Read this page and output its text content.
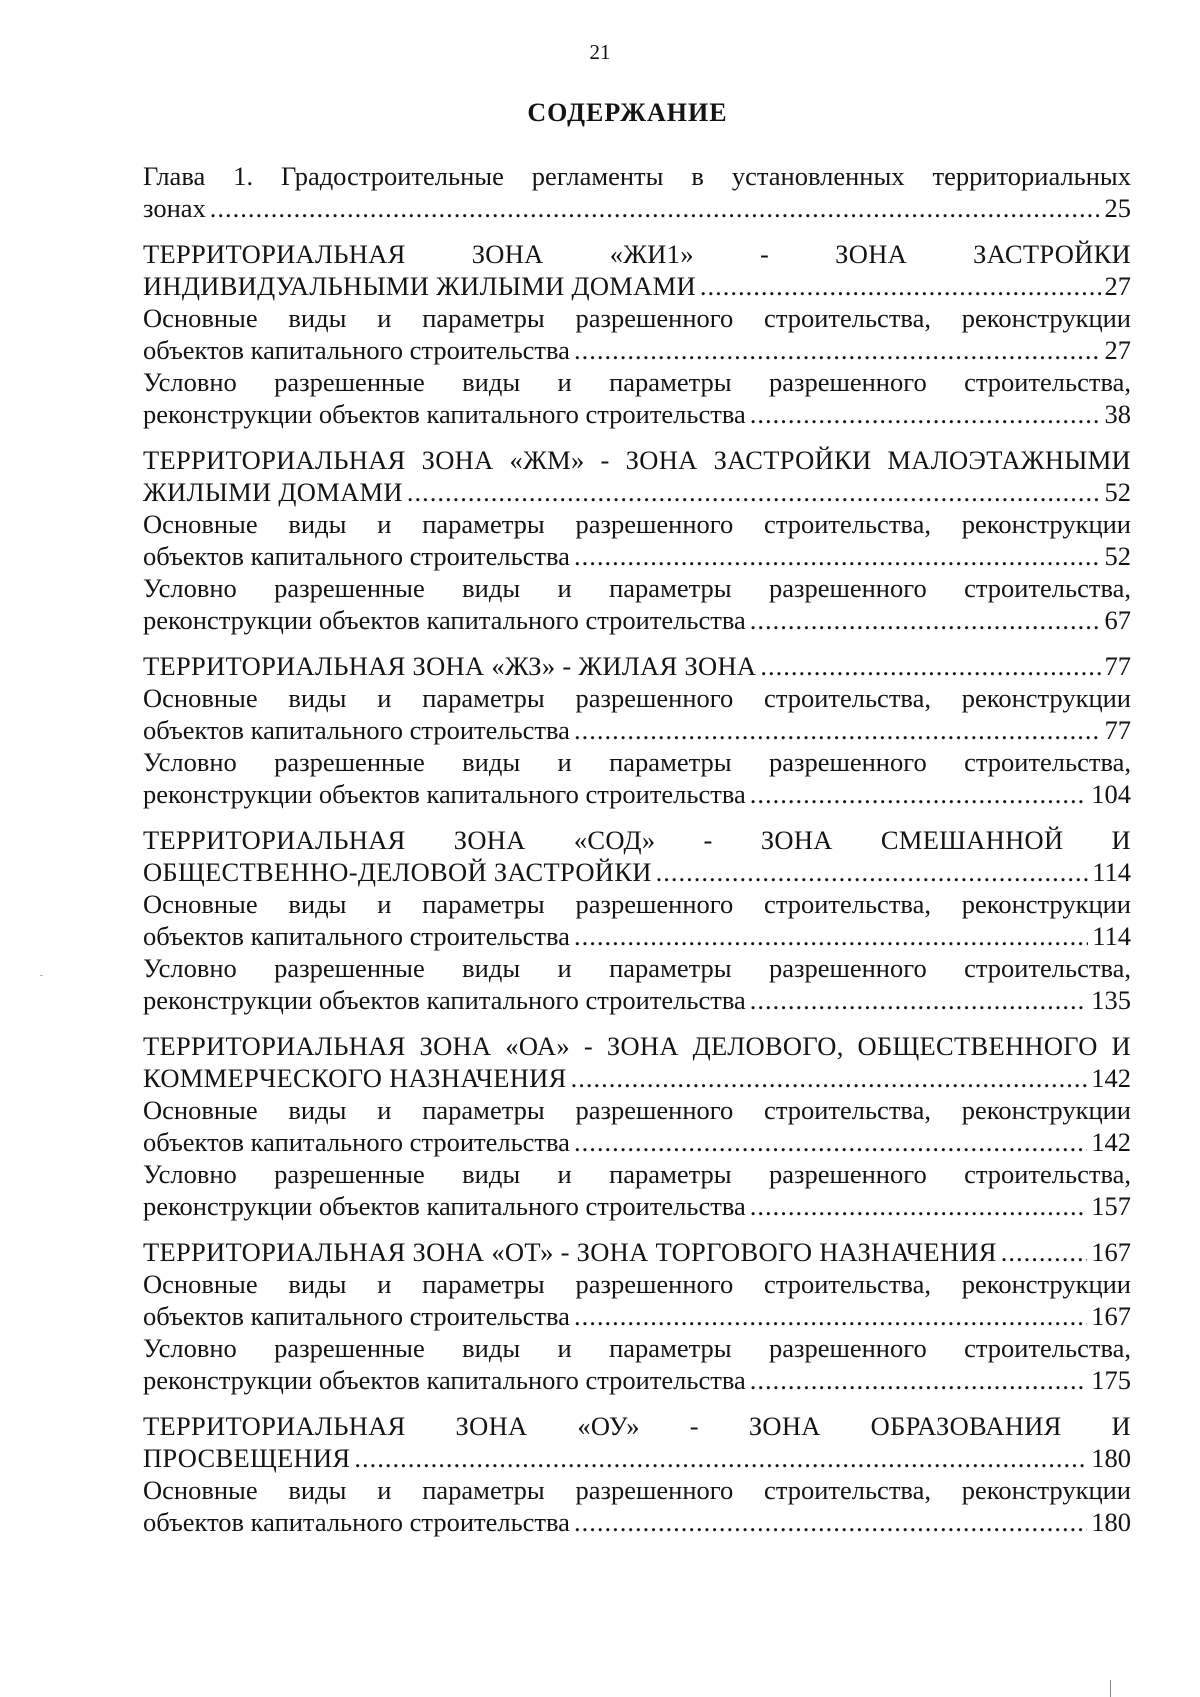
21
СОДЕРЖАНИЕ
Глава 1. Градостроительные регламенты в установленных территориальных
зонах .....	25
ТЕРРИТОРИАЛЬНАЯ ЗОНА «ЖИ1» - ЗОНА ЗАСТРОЙКИ
ИНДИВИДУАЛЬНЫМИ ЖИЛЫМИ ДОМАМИ .....	27
Основные виды и параметры разрешенного строительства, реконструкции
объектов капитального строительства .....	27
Условно разрешенные виды и параметры разрешенного строительства,
реконструкции объектов капитального строительства .....	38
ТЕРРИТОРИАЛЬНАЯ ЗОНА «ЖМ» - ЗОНА ЗАСТРОЙКИ МАЛОЭТАЖНЫМИ
ЖИЛЫМИ ДОМАМИ .....	52
Основные виды и параметры разрешенного строительства, реконструкции
объектов капитального строительства .....	52
Условно разрешенные виды и параметры разрешенного строительства,
реконструкции объектов капитального строительства .....	67
ТЕРРИТОРИАЛЬНАЯ ЗОНА «ЖЗ» - ЖИЛАЯ ЗОНА .....	77
Основные виды и параметры разрешенного строительства, реконструкции
объектов капитального строительства .....	77
Условно разрешенные виды и параметры разрешенного строительства,
реконструкции объектов капитального строительства .....	104
ТЕРРИТОРИАЛЬНАЯ ЗОНА «СОД» - ЗОНА СМЕШАННОЙ И
ОБЩЕСТВЕННО-ДЕЛОВОЙ ЗАСТРОЙКИ .....	114
Основные виды и параметры разрешенного строительства, реконструкции
объектов капитального строительства .....	114
Условно разрешенные виды и параметры разрешенного строительства,
реконструкции объектов капитального строительства .....	135
ТЕРРИТОРИАЛЬНАЯ ЗОНА «ОА» - ЗОНА ДЕЛОВОГО, ОБЩЕСТВЕННОГО И
КОММЕРЧЕСКОГО НАЗНАЧЕНИЯ .....	142
Основные виды и параметры разрешенного строительства, реконструкции
объектов капитального строительства .....	142
Условно разрешенные виды и параметры разрешенного строительства,
реконструкции объектов капитального строительства .....	157
ТЕРРИТОРИАЛЬНАЯ ЗОНА «ОТ» - ЗОНА ТОРГОВОГО НАЗНАЧЕНИЯ .....	167
Основные виды и параметры разрешенного строительства, реконструкции
объектов капитального строительства .....	167
Условно разрешенные виды и параметры разрешенного строительства,
реконструкции объектов капитального строительства .....	175
ТЕРРИТОРИАЛЬНАЯ ЗОНА «ОУ» - ЗОНА ОБРАЗОВАНИЯ И
ПРОСВЕЩЕНИЯ .....	180
Основные виды и параметры разрешенного строительства, реконструкции
объектов капитального строительства .....	180
